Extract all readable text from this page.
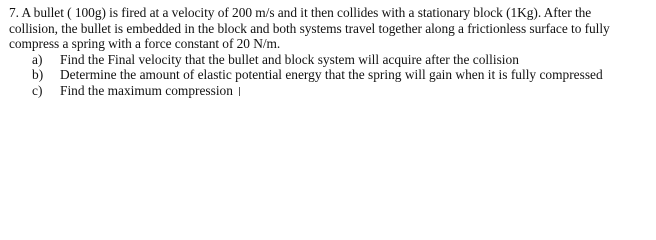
7. A bullet ( 100g) is fired at a velocity of 200 m/s and it then collides with a stationary block (1Kg). After the
collision, the bullet is embedded in the block and both systems travel together along a frictionless surface to fully
compress a spring with a force constant of 20 N/m.
a) Find the Final velocity that the bullet and block system will acquire after the collision
b) Determine the amount of elastic potential energy that the spring will gain when it is fully compressed
c) Find the maximum compression
